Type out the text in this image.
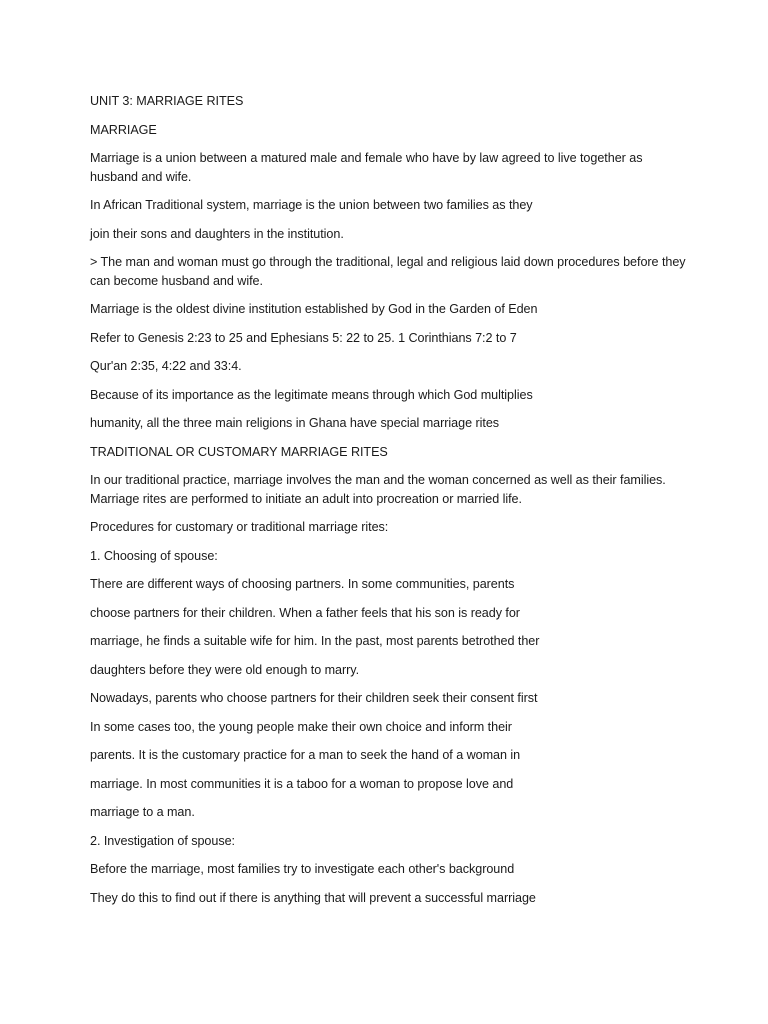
UNIT 3: MARRIAGE RITES

MARRIAGE

Marriage is a union between a matured male and female who have by law agreed to live together as husband and wife.

In African Traditional system, marriage is the union between two families as they

join their sons and daughters in the institution.

> The man and woman must go through the traditional, legal and religious laid down procedures before they can become husband and wife.

Marriage is the oldest divine institution established by God in the Garden of Eden

Refer to Genesis 2:23 to 25 and Ephesians 5: 22 to 25. 1 Corinthians 7:2 to 7

Qur'an 2:35, 4:22 and 33:4.

Because of its importance as the legitimate means through which God multiplies

humanity, all the three main religions in Ghana have special marriage rites

TRADITIONAL OR CUSTOMARY MARRIAGE RITES

In our traditional practice, marriage involves the man and the woman concerned as well as their families. Marriage rites are performed to initiate an adult into procreation or married life.

Procedures for customary or traditional marriage rites:

1. Choosing of spouse:

There are different ways of choosing partners. In some communities, parents

choose partners for their children. When a father feels that his son is ready for

marriage, he finds a suitable wife for him. In the past, most parents betrothed ther

daughters before they were old enough to marry.

Nowadays, parents who choose partners for their children seek their consent first

In some cases too, the young people make their own choice and inform their

parents. It is the customary practice for a man to seek the hand of a woman in

marriage. In most communities it is a taboo for a woman to propose love and

marriage to a man.

2. Investigation of spouse:

Before the marriage, most families try to investigate each other's background

They do this to find out if there is anything that will prevent a successful marriage
